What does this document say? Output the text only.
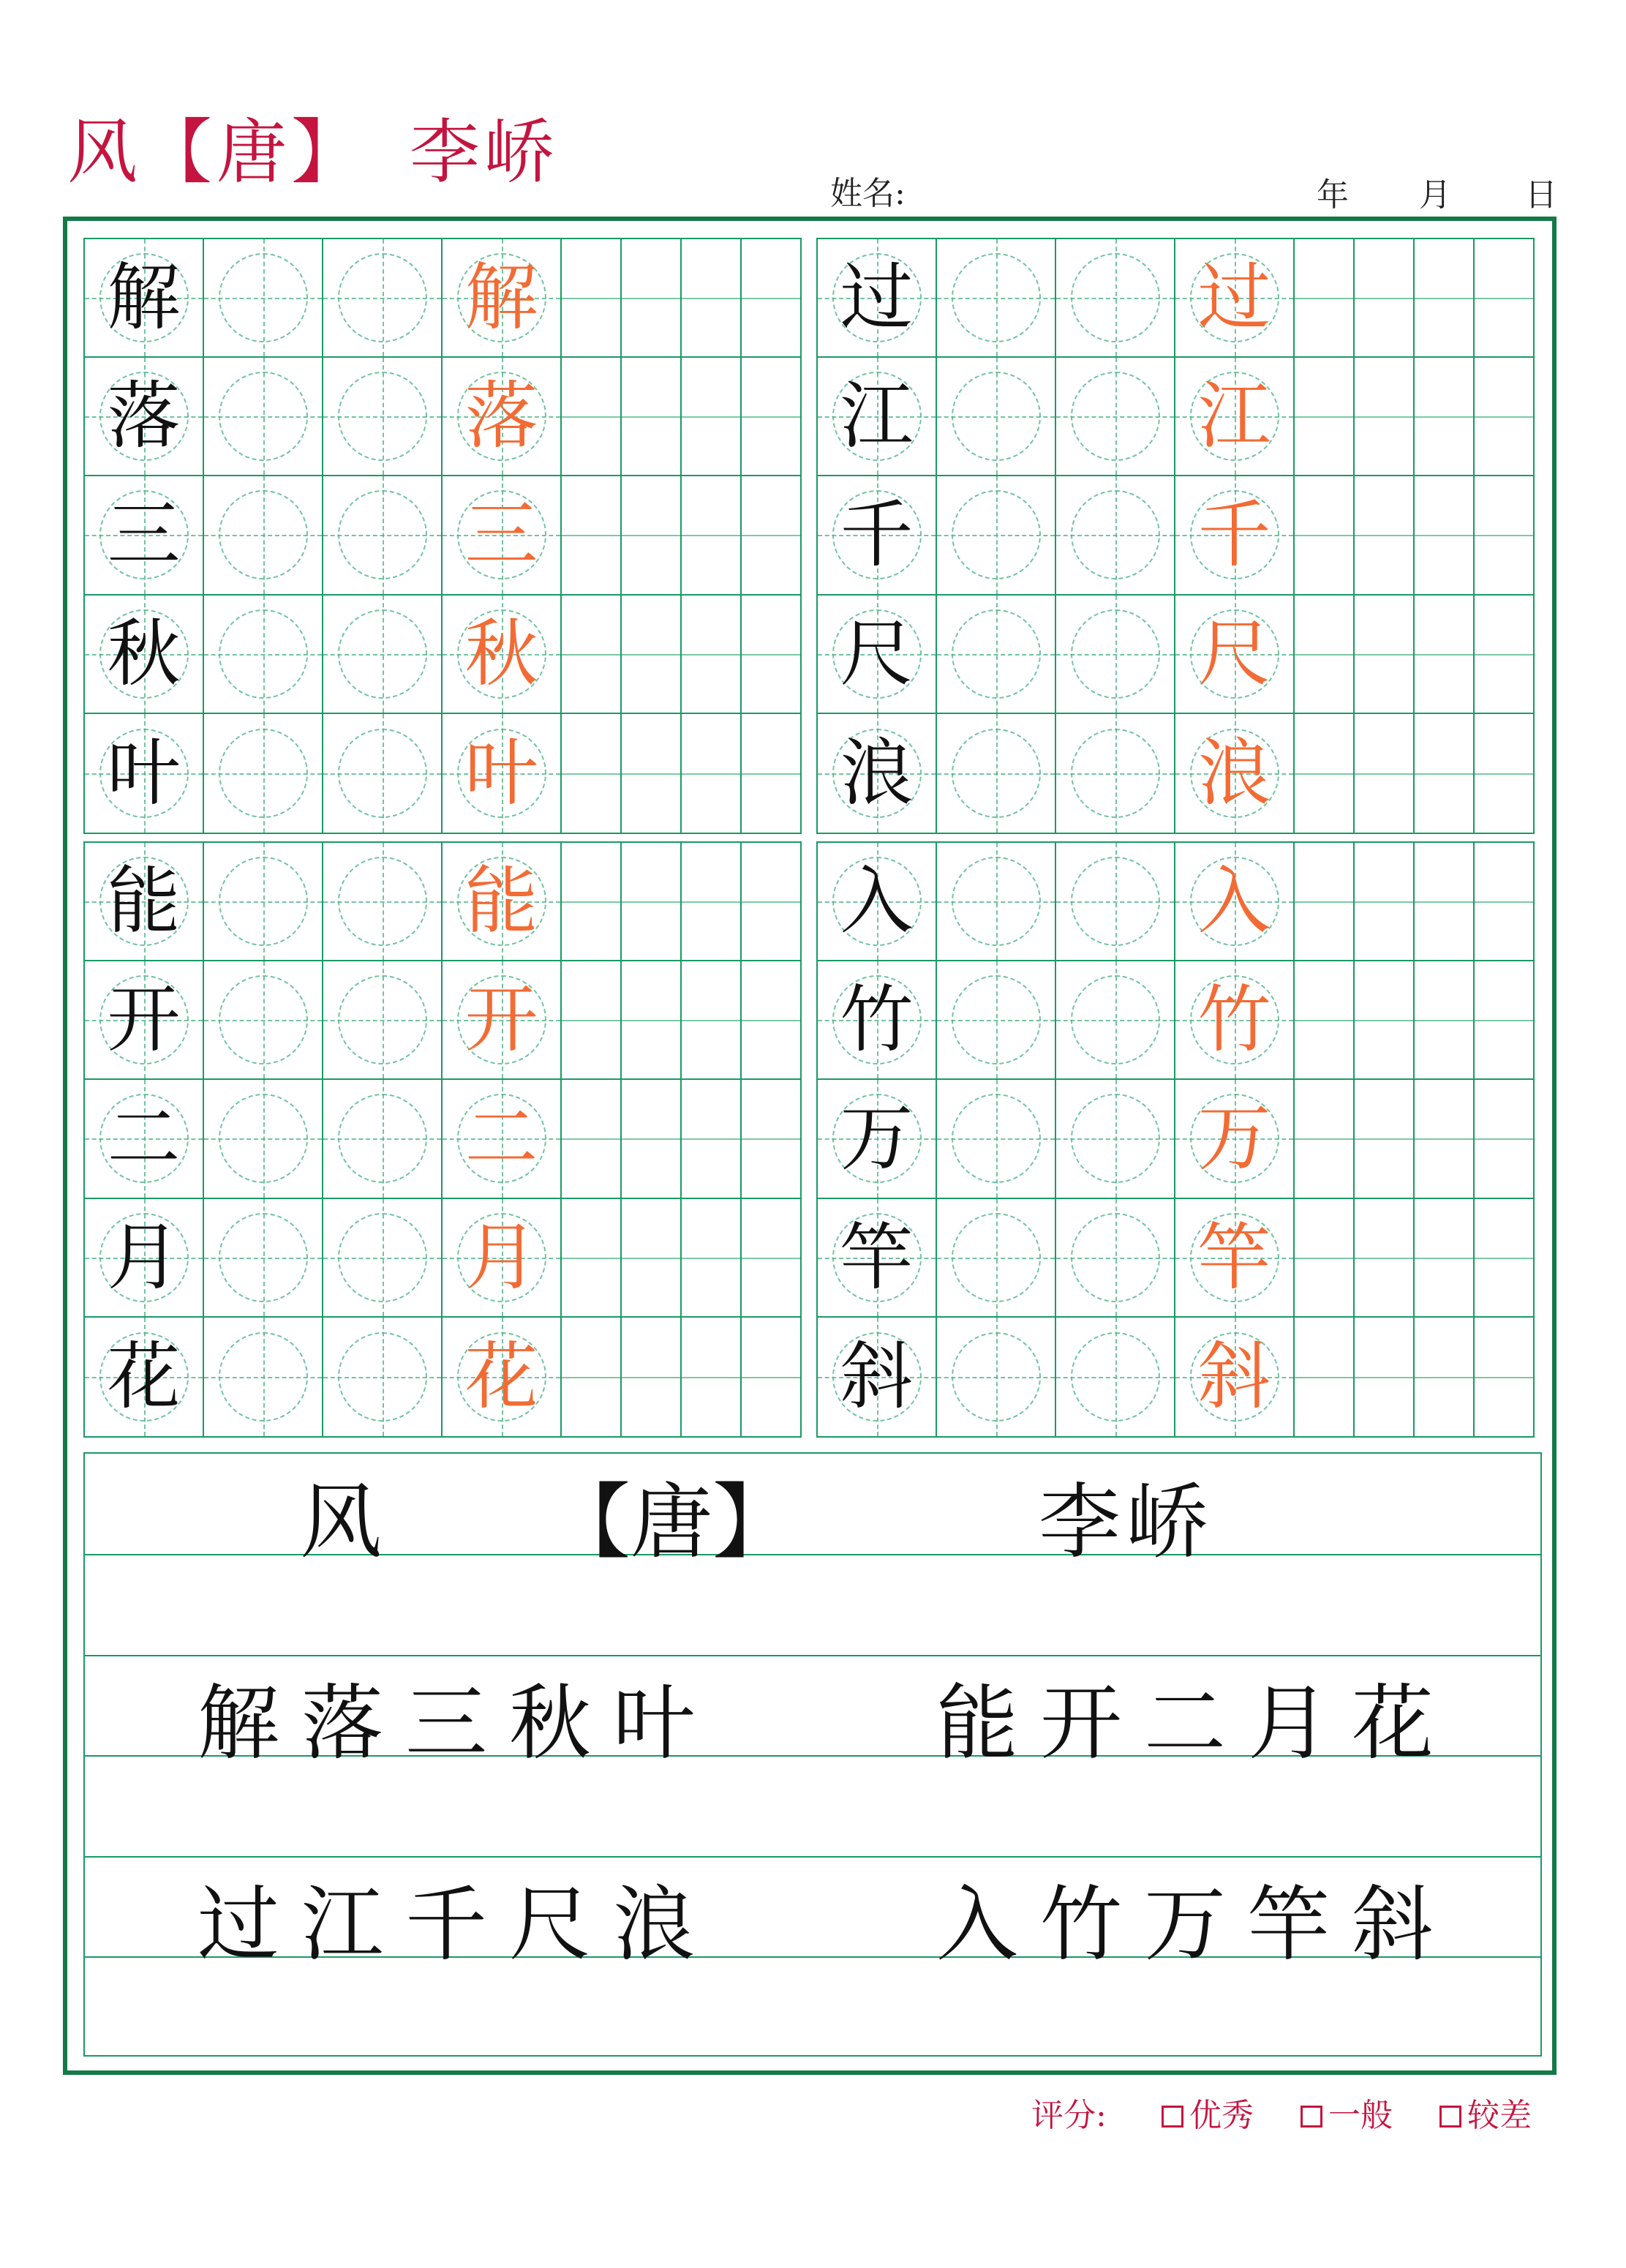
风【唐】 李峤
姓名:	年 月 日
解	解
落	落
三	三
秋	秋
叶	叶
过	过
江	江
千	千
尺	尺
浪	浪
能	能
开	开
二	二
月	月
花	花
入	入
竹	竹
万	万
竿	竿
斜	斜
风 【唐】	李峤
解落三秋叶	能开二月花
过江千尺浪	入竹万竿斜
评分:	优秀	一般	较差
